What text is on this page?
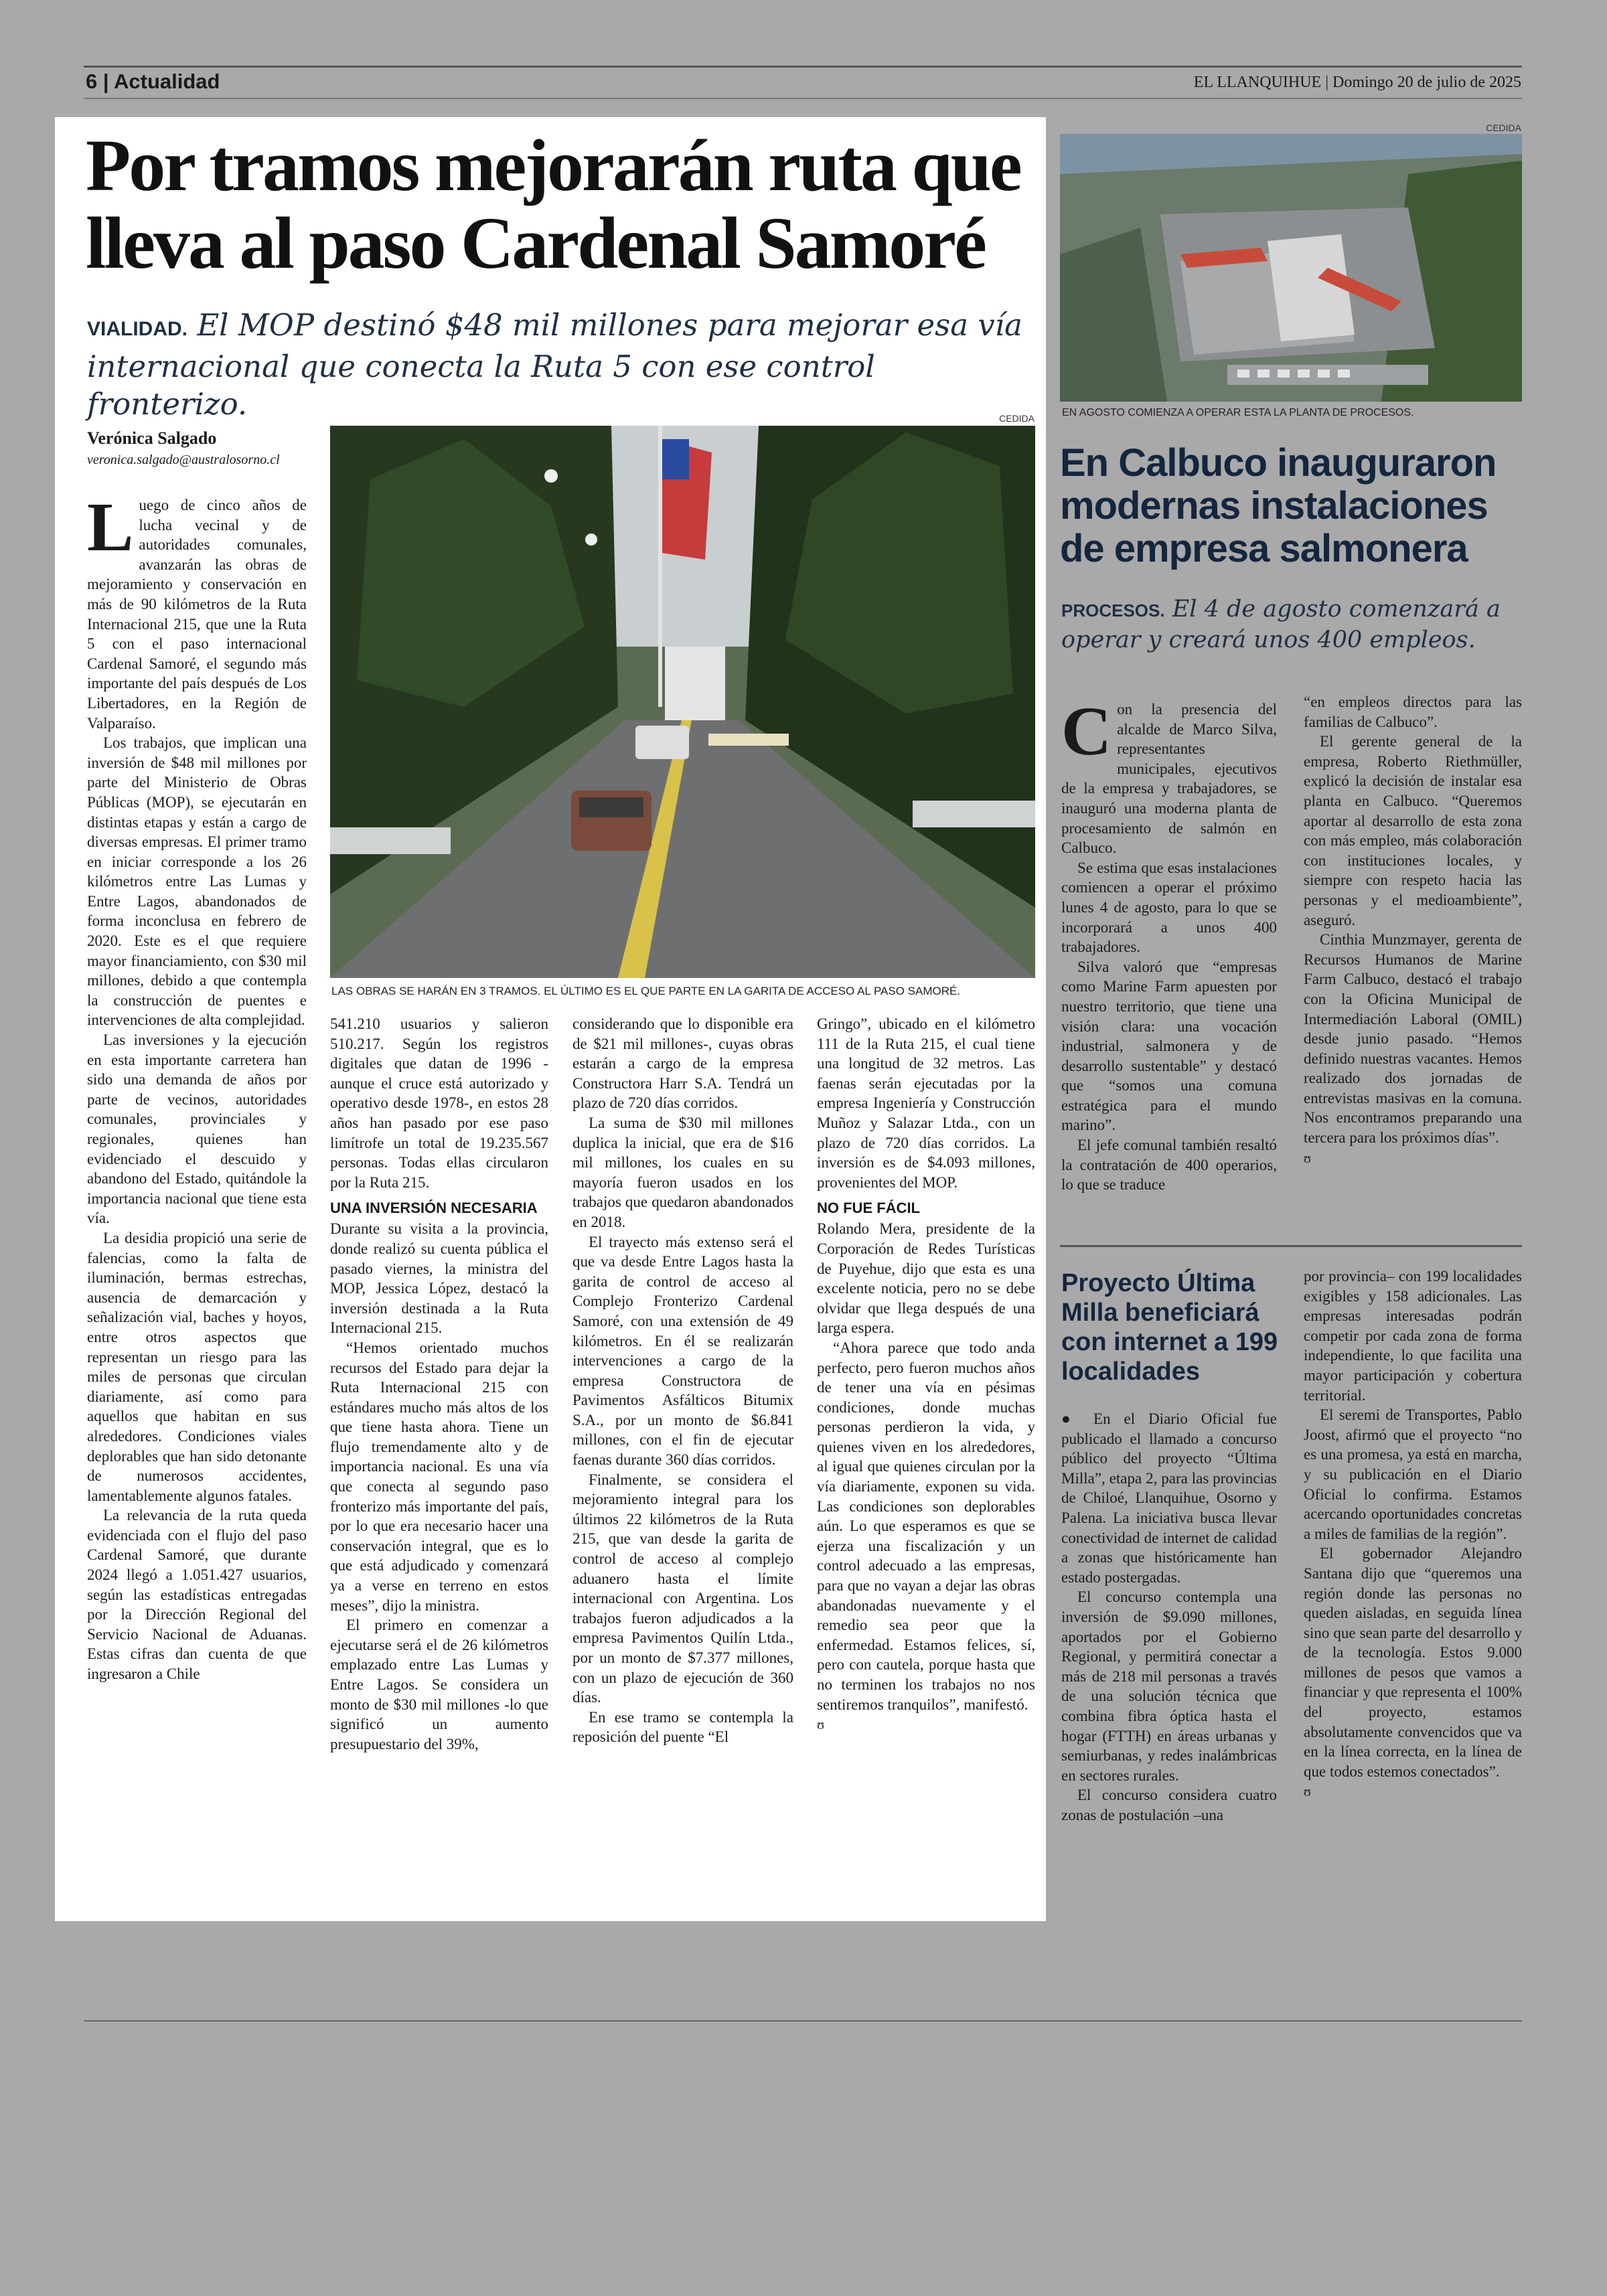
6 | Actualidad	EL LLANQUIHUE | Domingo 20 de julio de 2025
Por tramos mejorarán ruta que lleva al paso Cardenal Samoré
VIALIDAD. El MOP destinó $48 mil millones para mejorar esa vía internacional que conecta la Ruta 5 con ese control fronterizo.
Verónica Salgado
veronica.salgado@australosorno.cl
CEDIDA
LAS OBRAS SE HARÁN EN 3 TRAMOS. EL ÚLTIMO ES EL QUE PARTE EN LA GARITA DE ACCESO AL PASO SAMORÉ.
L uego de cinco años de lucha vecinal y de autoridades comunales, avanzarán las obras de mejoramiento y conservación en más de 90 kilómetros de la Ruta Internacional 215, que une la Ruta 5 con el paso internacional Cardenal Samoré, el segundo más importante del país después de Los Libertadores, en la Región de Valparaíso.

Los trabajos, que implican una inversión de $48 mil millones por parte del Ministerio de Obras Públicas (MOP), se ejecutarán en distintas etapas y están a cargo de diversas empresas. El primer tramo en iniciar corresponde a los 26 kilómetros entre Las Lumas y Entre Lagos, abandonados de forma inconclusa en febrero de 2020. Este es el que requiere mayor financiamiento, con $30 mil millones, debido a que contempla la construcción de puentes e intervenciones de alta complejidad.

Las inversiones y la ejecución en esta importante carretera han sido una demanda de años por parte de vecinos, autoridades comunales, provinciales y regionales, quienes han evidenciado el descuido y abandono del Estado, quitándole la importancia nacional que tiene esta vía.

La desidia propició una serie de falencias, como la falta de iluminación, bermas estrechas, ausencia de demarcación y señalización vial, baches y hoyos, entre otros aspectos que representan un riesgo para las miles de personas que circulan diariamente, así como para aquellos que habitan en sus alrededores. Condiciones viales deplorables que han sido detonante de numerosos accidentes, lamentablemente algunos fatales.

La relevancia de la ruta queda evidenciada con el flujo del paso Cardenal Samoré, que durante 2024 llegó a 1.051.427 usuarios, según las estadísticas entregadas por la Dirección Regional del Servicio Nacional de Aduanas. Estas cifras dan cuenta de que ingresaron a Chile

541.210 usuarios y salieron 510.217. Según los registros digitales que datan de 1996 -aunque el cruce está autorizado y operativo desde 1978-, en estos 28 años han pasado por ese paso limítrofe un total de 19.235.567 personas. Todas ellas circularon por la Ruta 215.

UNA INVERSIÓN NECESARIA

Durante su visita a la provincia, donde realizó su cuenta pública el pasado viernes, la ministra del MOP, Jessica López, destacó la inversión destinada a la Ruta Internacional 215.

“Hemos orientado muchos recursos del Estado para dejar la Ruta Internacional 215 con estándares mucho más altos de los que tiene hasta ahora. Tiene un flujo tremendamente alto y de importancia nacional. Es una vía que conecta al segundo paso fronterizo más importante del país, por lo que era necesario hacer una conservación integral, que es lo que está adjudicado y comenzará ya a verse en terreno en estos meses”, dijo la ministra.

El primero en comenzar a ejecutarse será el de 26 kilómetros emplazado entre Las Lumas y Entre Lagos. Se considera un monto de $30 mil millones -lo que significó un aumento presupuestario del 39%,

considerando que lo disponible era de $21 mil millones-, cuyas obras estarán a cargo de la empresa Constructora Harr S.A. Tendrá un plazo de 720 días corridos.

La suma de $30 mil millones duplica la inicial, que era de $16 mil millones, los cuales en su mayoría fueron usados en los trabajos que quedaron abandonados en 2018.

El trayecto más extenso será el que va desde Entre Lagos hasta la garita de control de acceso al Complejo Fronterizo Cardenal Samoré, con una extensión de 49 kilómetros. En él se realizarán intervenciones a cargo de la empresa Constructora de Pavimentos Asfálticos Bitumix S.A., por un monto de $6.841 millones, con el fin de ejecutar faenas durante 360 días corridos.

Finalmente, se considera el mejoramiento integral para los últimos 22 kilómetros de la Ruta 215, que van desde la garita de control de acceso al complejo aduanero hasta el límite internacional con Argentina. Los trabajos fueron adjudicados a la empresa Pavimentos Quilín Ltda., por un monto de $7.377 millones, con un plazo de ejecución de 360 días.

En ese tramo se contempla la reposición del puente “El

Gringo”, ubicado en el kilómetro 111 de la Ruta 215, el cual tiene una longitud de 32 metros. Las faenas serán ejecutadas por la empresa Ingeniería y Construcción Muñoz y Salazar Ltda., con un plazo de 720 días corridos. La inversión es de $4.093 millones, provenientes del MOP.

NO FUE FÁCIL

Rolando Mera, presidente de la Corporación de Redes Turísticas de Puyehue, dijo que esta es una excelente noticia, pero no se debe olvidar que llega después de una larga espera.

“Ahora parece que todo anda perfecto, pero fueron muchos años de tener una vía en pésimas condiciones, donde muchas personas perdieron la vida, y quienes viven en los alrededores, al igual que quienes circulan por la vía diariamente, exponen su vida. Las condiciones son deplorables aún. Lo que esperamos es que se ejerza una fiscalización y un control adecuado a las empresas, para que no vayan a dejar las obras abandonadas nuevamente y el remedio sea peor que la enfermedad. Estamos felices, sí, pero con cautela, porque hasta que no terminen los trabajos no nos sentiremos tranquilos”, manifestó.

ʊ
CEDIDA
EN AGOSTO COMIENZA A OPERAR ESTA LA PLANTA DE PROCESOS.
En Calbuco inauguraron modernas instalaciones de empresa salmonera
PROCESOS. El 4 de agosto comenzará a operar y creará unos 400 empleos.
C on la presencia del alcalde de Marco Silva, representantes municipales, ejecutivos de la empresa y trabajadores, se inauguró una moderna planta de procesamiento de salmón en Calbuco.

Se estima que esas instalaciones comiencen a operar el próximo lunes 4 de agosto, para lo que se incorporará a unos 400 trabajadores.

Silva valoró que “empresas como Marine Farm apuesten por nuestro territorio, que tiene una visión clara: una vocación industrial, salmonera y de desarrollo sustentable” y destacó que “somos una comuna estratégica para el mundo marino”.

El jefe comunal también resaltó la contratación de 400 operarios, lo que se traduce

“en empleos directos para las familias de Calbuco”.

El gerente general de la empresa, Roberto Riethmüller, explicó la decisión de instalar esa planta en Calbuco. “Queremos aportar al desarrollo de esta zona con más empleo, más colaboración con instituciones locales, y siempre con respeto hacia las personas y el medioambiente”, aseguró.

Cinthia Munzmayer, gerenta de Recursos Humanos de Marine Farm Calbuco, destacó el trabajo con la Oficina Municipal de Intermediación Laboral (OMIL) desde junio pasado. “Hemos definido nuestras vacantes. Hemos realizado dos jornadas de entrevistas masivas en la comuna. Nos encontramos preparando una tercera para los próximos días”.

ʊ
Proyecto Última Milla beneficiará con internet a 199 localidades

● En el Diario Oficial fue publicado el llamado a concurso público del proyecto “Última Milla”, etapa 2, para las provincias de Chiloé, Llanquihue, Osorno y Palena. La iniciativa busca llevar conectividad de internet de calidad a zonas que históricamente han estado postergadas.

El concurso contempla una inversión de $9.090 millones, aportados por el Gobierno Regional, y permitirá conectar a más de 218 mil personas a través de una solución técnica que combina fibra óptica hasta el hogar (FTTH) en áreas urbanas y semiurbanas, y redes inalámbricas en sectores rurales.

El concurso considera cuatro zonas de postulación –una

por provincia– con 199 localidades exigibles y 158 adicionales. Las empresas interesadas podrán competir por cada zona de forma independiente, lo que facilita una mayor participación y cobertura territorial.

El seremi de Transportes, Pablo Joost, afirmó que el proyecto “no es una promesa, ya está en marcha, y su publicación en el Diario Oficial lo confirma. Estamos acercando oportunidades concretas a miles de familias de la región”.

El gobernador Alejandro Santana dijo que “queremos una región donde las personas no queden aisladas, en seguida línea sino que sean parte del desarrollo y de la tecnología. Estos 9.000 millones de pesos que vamos a financiar y que representa el 100% del proyecto, estamos absolutamente convencidos que va en la línea correcta, en la línea de que todos estemos conectados”.

ʊ
